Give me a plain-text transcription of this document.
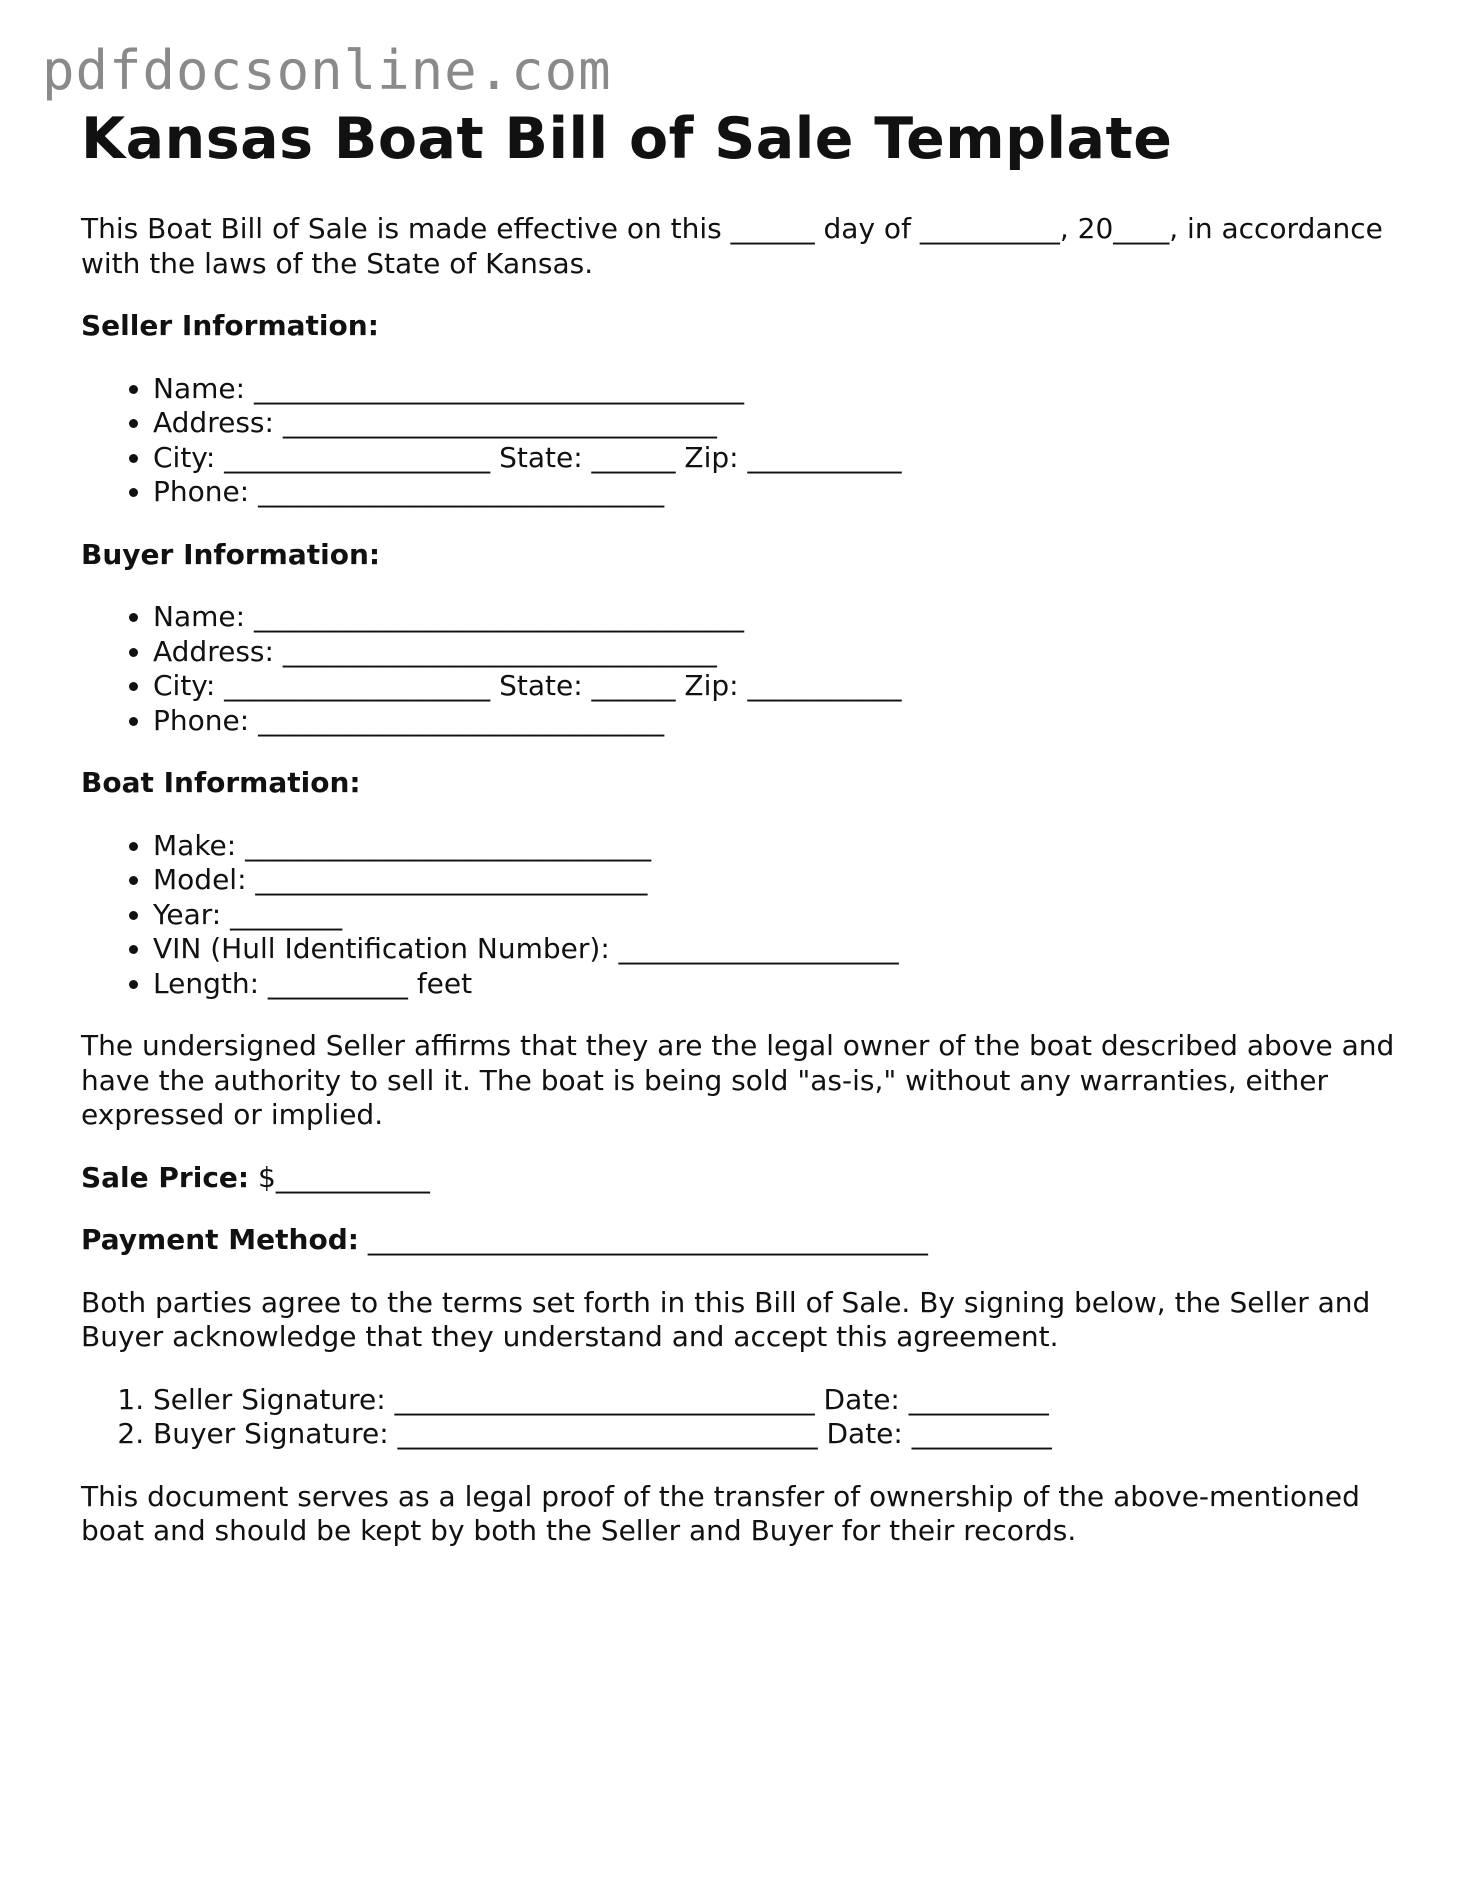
pdfdocsonline.com
Kansas Boat Bill of Sale Template

This Boat Bill of Sale is made effective on this ______ day of __________, 20____, in accordance with the laws of the State of Kansas.

Seller Information:
• Name: ___________________________________
• Address: _______________________________
• City: ___________________ State: ______ Zip: ___________
• Phone: _____________________________
Buyer Information:
• Name: ___________________________________
• Address: _______________________________
• City: ___________________ State: ______ Zip: ___________
• Phone: _____________________________
Boat Information:
• Make: _____________________________
• Model: ____________________________
• Year: ________
• VIN (Hull Identification Number): ____________________
• Length: __________ feet

The undersigned Seller affirms that they are the legal owner of the boat described above and have the authority to sell it. The boat is being sold "as-is," without any warranties, either expressed or implied.

Sale Price: $___________

Payment Method: ________________________________________

Both parties agree to the terms set forth in this Bill of Sale. By signing below, the Seller and Buyer acknowledge that they understand and accept this agreement.

1. Seller Signature: ______________________________ Date: __________
2. Buyer Signature: ______________________________ Date: __________

This document serves as a legal proof of the transfer of ownership of the above-mentioned boat and should be kept by both the Seller and Buyer for their records.
